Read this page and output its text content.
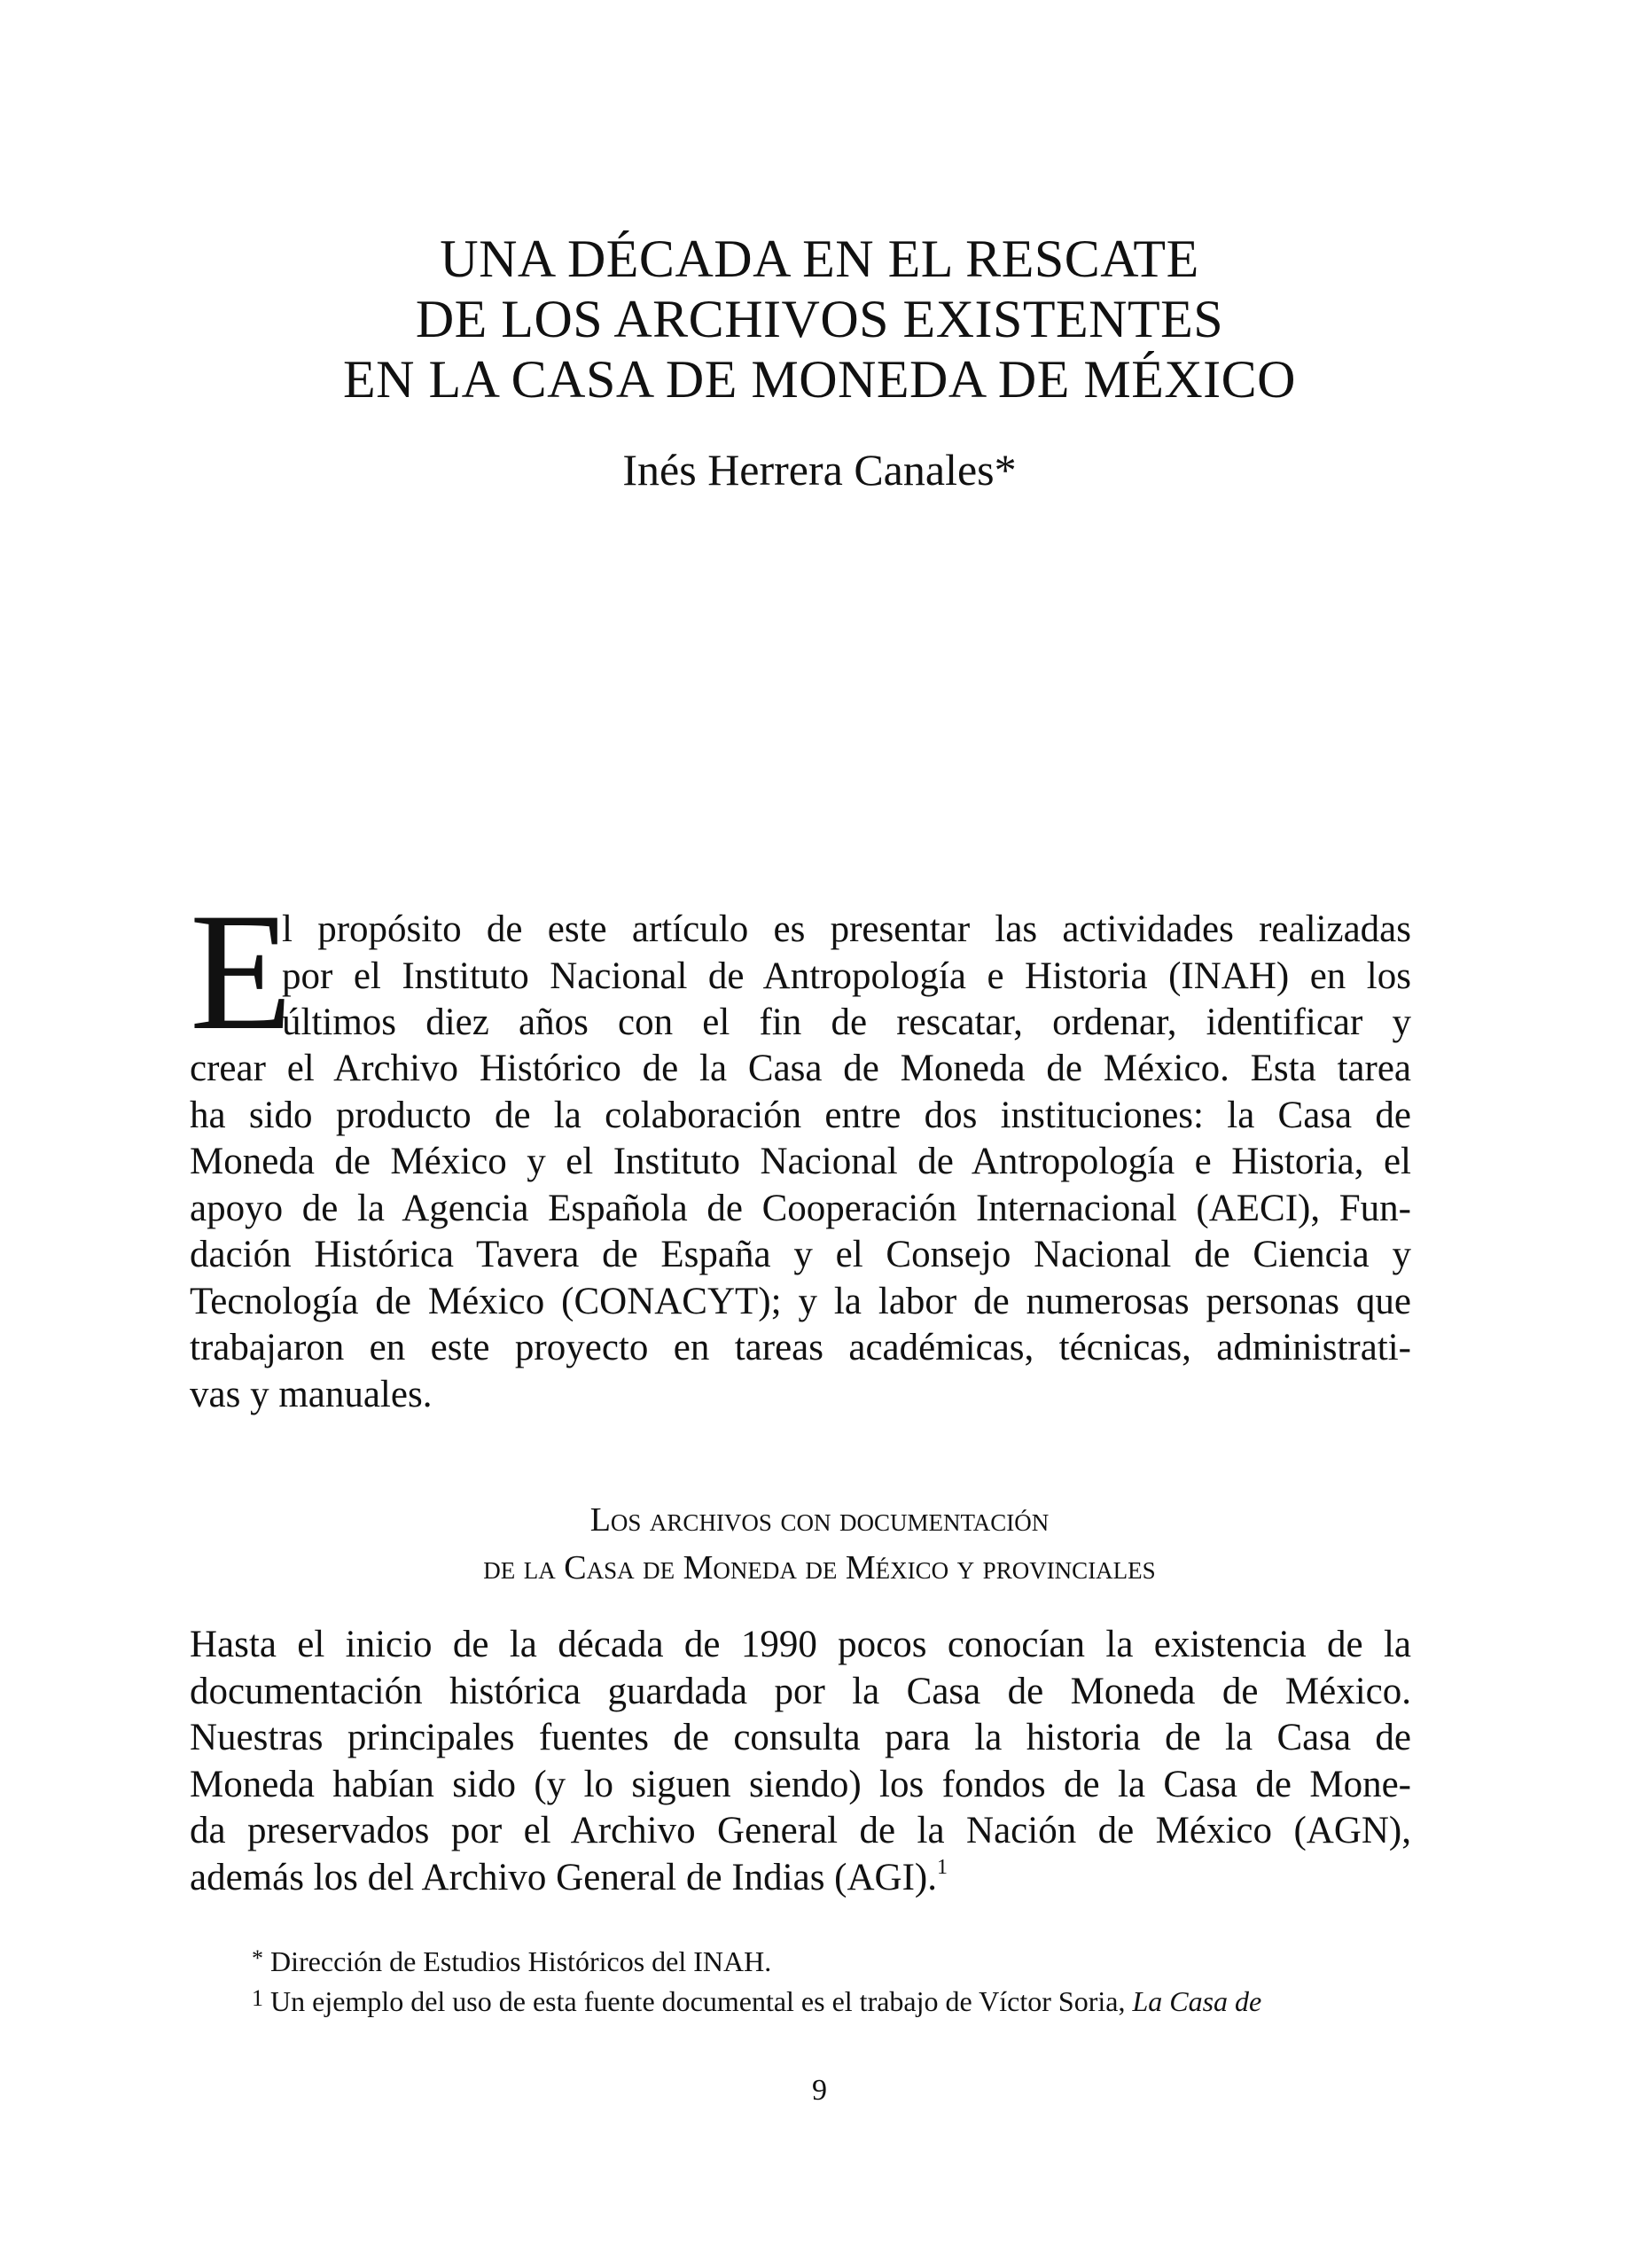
UNA DÉCADA EN EL RESCATE
DE LOS ARCHIVOS EXISTENTES
EN LA CASA DE MONEDA DE MÉXICO

Inés Herrera Canales*

E

l propósito de este artículo es presentar las actividades realizadas
por el Instituto Nacional de Antropología e Historia (INAH) en los
últimos diez años con el fin de rescatar, ordenar, identificar y

crear el Archivo Histórico de la Casa de Moneda de México. Esta tarea
ha sido producto de la colaboración entre dos instituciones: la Casa de
Moneda de México y el Instituto Nacional de Antropología e Historia, el
apoyo de la Agencia Española de Cooperación Internacional (AECI), Fun-
dación Histórica Tavera de España y el Consejo Nacional de Ciencia y
Tecnología de México (CONACYT); y la labor de numerosas personas que
trabajaron en este proyecto en tareas académicas, técnicas, administrati-
vas y manuales.

Los archivos con documentación
de la Casa de Moneda de México y provinciales

Hasta el inicio de la década de 1990 pocos conocían la existencia de la
documentación histórica guardada por la Casa de Moneda de México.
Nuestras principales fuentes de consulta para la historia de la Casa de
Moneda habían sido (y lo siguen siendo) los fondos de la Casa de Mone-
da preservados por el Archivo General de la Nación de México (AGN),
además los del Archivo General de Indias (AGI).$^1$

* Dirección de Estudios Históricos del INAH.
1 Un ejemplo del uso de esta fuente documental es el trabajo de Víctor Soria, La Casa de

9
